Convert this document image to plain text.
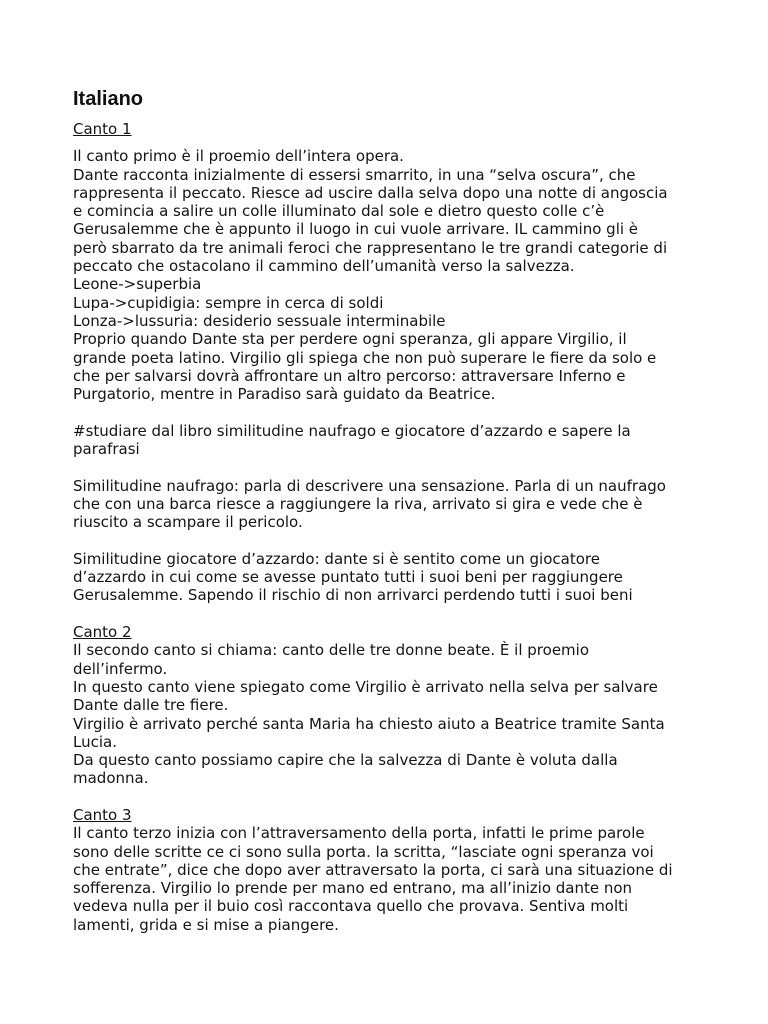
Italiano
Canto 1
Il canto primo è il proemio dell’intera opera.
Dante racconta inizialmente di essersi smarrito, in una “selva oscura”, che
rappresenta il peccato. Riesce ad uscire dalla selva dopo una notte di angoscia
e comincia a salire un colle illuminato dal sole e dietro questo colle c’è
Gerusalemme che è appunto il luogo in cui vuole arrivare. IL cammino gli è
però sbarrato da tre animali feroci che rappresentano le tre grandi categorie di
peccato che ostacolano il cammino dell’umanità verso la salvezza.
Leone->superbia
Lupa->cupidigia: sempre in cerca di soldi
Lonza->lussuria: desiderio sessuale interminabile
Proprio quando Dante sta per perdere ogni speranza, gli appare Virgilio, il
grande poeta latino. Virgilio gli spiega che non può superare le fiere da solo e
che per salvarsi dovrà affrontare un altro percorso: attraversare Inferno e
Purgatorio, mentre in Paradiso sarà guidato da Beatrice.
#studiare dal libro similitudine naufrago e giocatore d’azzardo e sapere la
parafrasi
Similitudine naufrago: parla di descrivere una sensazione. Parla di un naufrago
che con una barca riesce a raggiungere la riva, arrivato si gira e vede che è
riuscito a scampare il pericolo.
Similitudine giocatore d’azzardo: dante si è sentito come un giocatore
d’azzardo in cui come se avesse puntato tutti i suoi beni per raggiungere
Gerusalemme. Sapendo il rischio di non arrivarci perdendo tutti i suoi beni
Canto 2
Il secondo canto si chiama: canto delle tre donne beate. È il proemio
dell’infermo.
In questo canto viene spiegato come Virgilio è arrivato nella selva per salvare
Dante dalle tre fiere.
Virgilio è arrivato perché santa Maria ha chiesto aiuto a Beatrice tramite Santa
Lucia.
Da questo canto possiamo capire che la salvezza di Dante è voluta dalla
madonna.
Canto 3
Il canto terzo inizia con l’attraversamento della porta, infatti le prime parole
sono delle scritte ce ci sono sulla porta. la scritta, “lasciate ogni speranza voi
che entrate”, dice che dopo aver attraversato la porta, ci sarà una situazione di
sofferenza. Virgilio lo prende per mano ed entrano, ma all’inizio dante non
vedeva nulla per il buio così raccontava quello che provava. Sentiva molti
lamenti, grida e si mise a piangere.
